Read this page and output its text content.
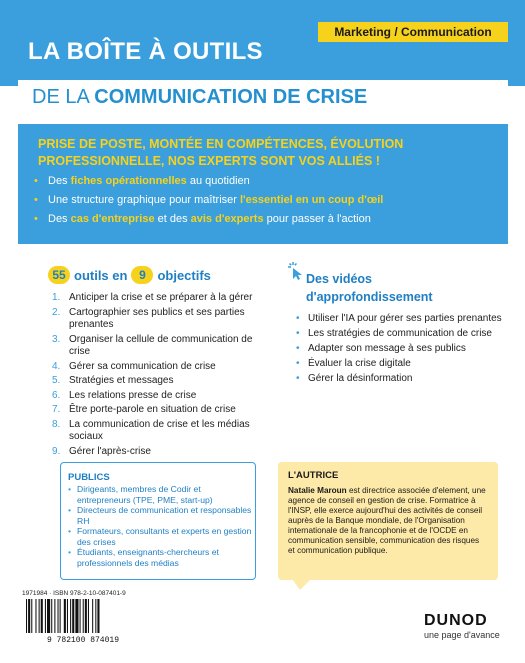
Marketing / Communication
LA BOÎTE À OUTILS
DE LA COMMUNICATION DE CRISE
PRISE DE POSTE, MONTÉE EN COMPÉTENCES, ÉVOLUTION PROFESSIONNELLE, NOS EXPERTS SONT VOS ALLIÉS !
• Des fiches opérationnelles au quotidien
• Une structure graphique pour maîtriser l'essentiel en un coup d'œil
• Des cas d'entreprise et des avis d'experts pour passer à l'action
55 outils en 9 objectifs
1. Anticiper la crise et se préparer à la gérer
2. Cartographier ses publics et ses parties prenantes
3. Organiser la cellule de communication de crise
4. Gérer sa communication de crise
5. Stratégies et messages
6. Les relations presse de crise
7. Être porte-parole en situation de crise
8. La communication de crise et les médias sociaux
9. Gérer l'après-crise
Des vidéos d'approfondissement
• Utiliser l'IA pour gérer ses parties prenantes
• Les stratégies de communication de crise
• Adapter son message à ses publics
• Évaluer la crise digitale
• Gérer la désinformation
PUBLICS
• Dirigeants, membres de Codir et entrepreneurs (TPE, PME, start-up)
• Directeurs de communication et responsables RH
• Formateurs, consultants et experts en gestion des crises
• Étudiants, enseignants-chercheurs et professionnels des médias
L'AUTRICE
Natalie Maroun est directrice associée d'element, une agence de conseil en gestion de crise. Formatrice à l'INSP, elle exerce aujourd'hui des activités de conseil auprès de la Banque mondiale, de l'Organisation internationale de la francophonie et de l'OCDE en communication sensible, communication des risques et communication publique.
1971984 · ISBN 978-2-10-087401-9
9 782100 874019
DUNOD
une page d'avance
